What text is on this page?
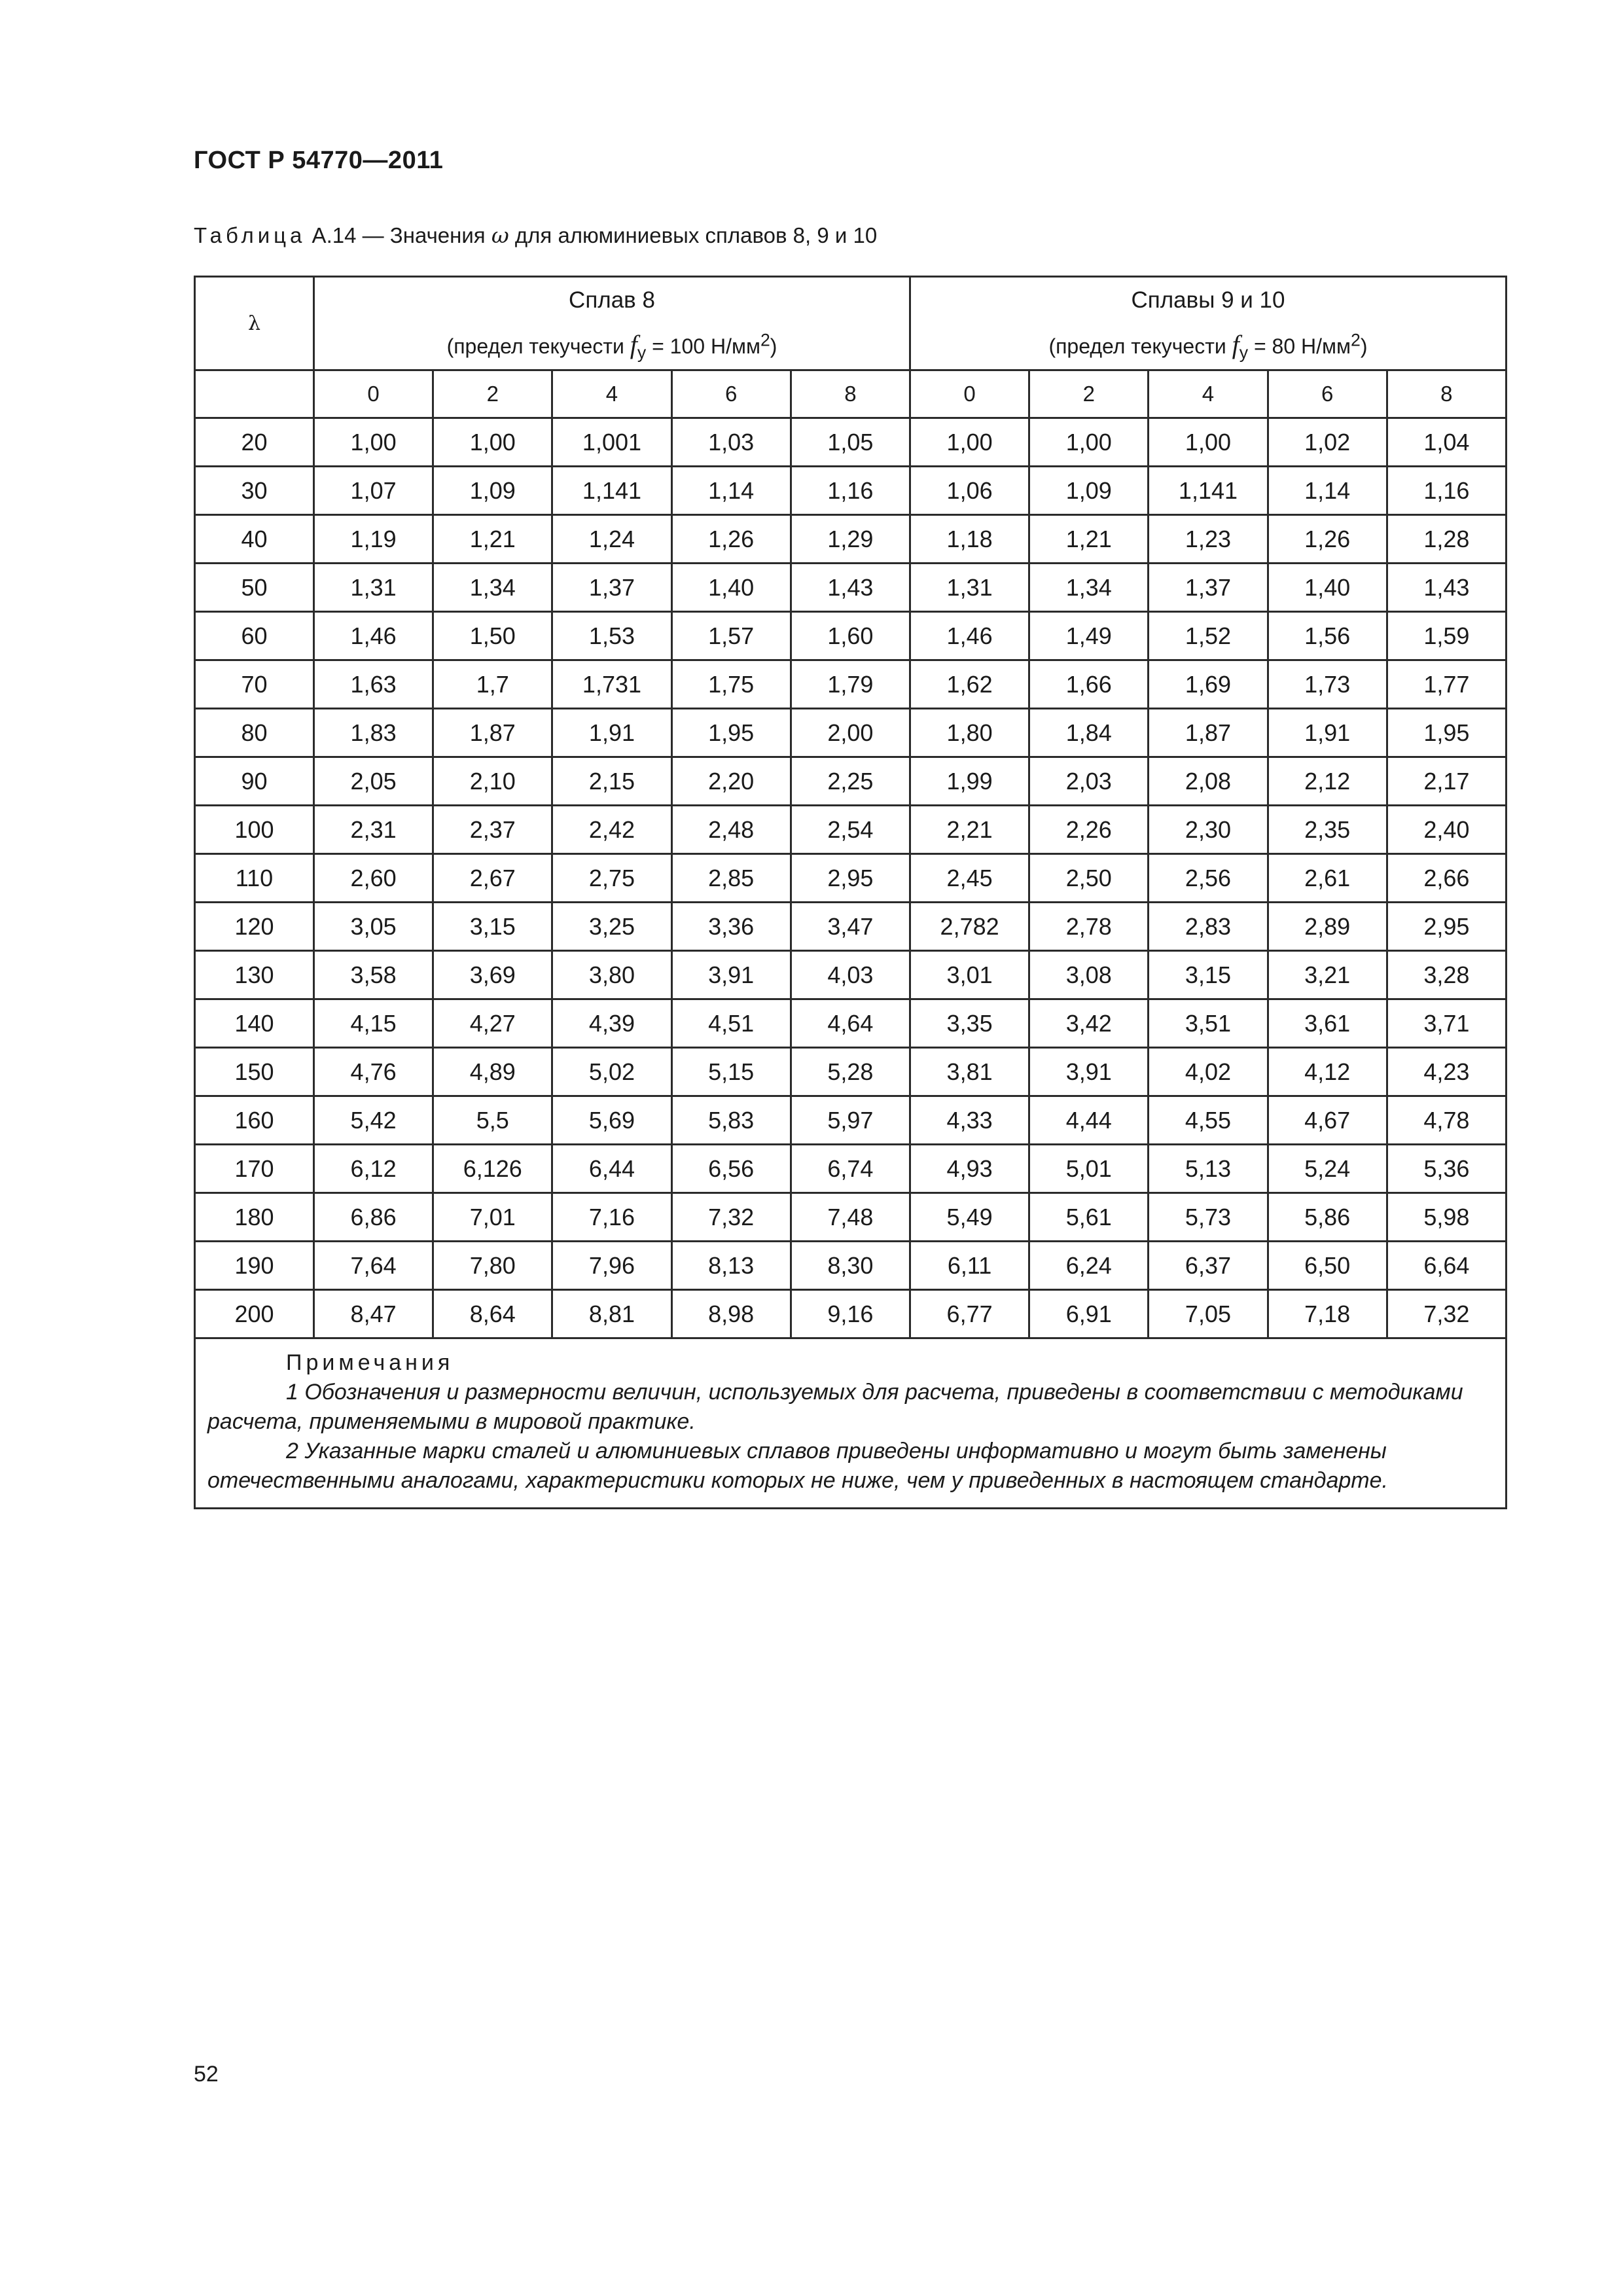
ГОСТ Р 54770—2011
Таблица А.14 — Значения ω для алюминиевых сплавов 8, 9 и 10
λ	Сплав 8					Сплавы 9 и 10				
	(предел текучести $f_y = 100$ $Н/мм^2$)					(предел текучести $f_y = 80$ $Н/мм^2$)				
	0	2	4	6	8	0	2	4	6	8
20	1,00	1,00	1,001	1,03	1,05	1,00	1,00	1,00	1,02	1,04
30	1,07	1,09	1,141	1,14	1,16	1,06	1,09	1,141	1,14	1,16
40	1,19	1,21	1,24	1,26	1,29	1,18	1,21	1,23	1,26	1,28
50	1,31	1,34	1,37	1,40	1,43	1,31	1,34	1,37	1,40	1,43
60	1,46	1,50	1,53	1,57	1,60	1,46	1,49	1,52	1,56	1,59
70	1,63	1,7	1,731	1,75	1,79	1,62	1,66	1,69	1,73	1,77
80	1,83	1,87	1,91	1,95	2,00	1,80	1,84	1,87	1,91	1,95
90	2,05	2,10	2,15	2,20	2,25	1,99	2,03	2,08	2,12	2,17
100	2,31	2,37	2,42	2,48	2,54	2,21	2,26	2,30	2,35	2,40
110	2,60	2,67	2,75	2,85	2,95	2,45	2,50	2,56	2,61	2,66
120	3,05	3,15	3,25	3,36	3,47	2,782	2,78	2,83	2,89	2,95
130	3,58	3,69	3,80	3,91	4,03	3,01	3,08	3,15	3,21	3,28
140	4,15	4,27	4,39	4,51	4,64	3,35	3,42	3,51	3,61	3,71
150	4,76	4,89	5,02	5,15	5,28	3,81	3,91	4,02	4,12	4,23
160	5,42	5,5	5,69	5,83	5,97	4,33	4,44	4,55	4,67	4,78
170	6,12	6,126	6,44	6,56	6,74	4,93	5,01	5,13	5,24	5,36
180	6,86	7,01	7,16	7,32	7,48	5,49	5,61	5,73	5,86	5,98
190	7,64	7,80	7,96	8,13	8,30	6,11	6,24	6,37	6,50	6,64
200	8,47	8,64	8,81	8,98	9,16	6,77	6,91	7,05	7,18	7,32

Примечания
1 Обозначения и размерности величин, используемых для расчета, приведены в соответствии с методиками расчета, применяемыми в мировой практике.
2 Указанные марки сталей и алюминиевых сплавов приведены информативно и могут быть заменены отечественными аналогами, характеристики которых не ниже, чем у приведенных в настоящем стандарте.										
52
